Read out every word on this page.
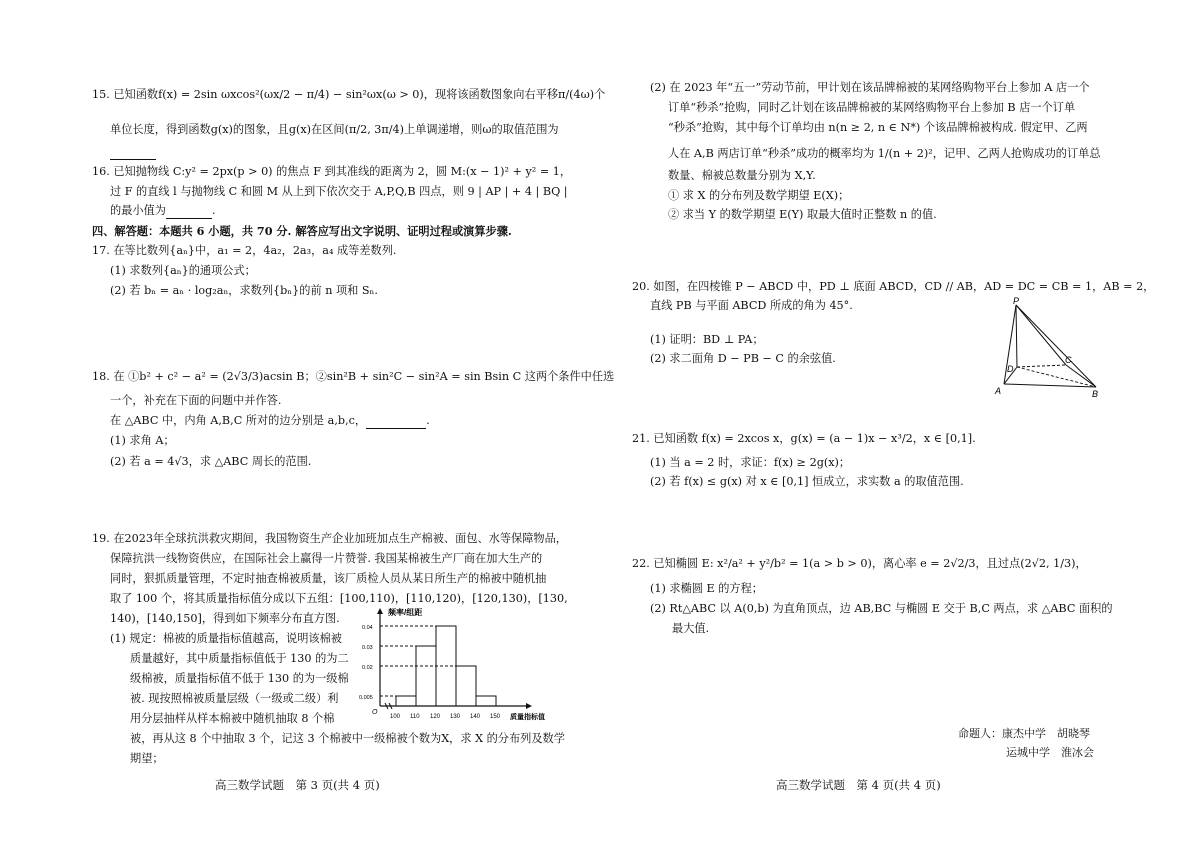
15. 已知函数f(x) = 2sin ωxcos²(ωx/2 − π/4) − sin²ωx(ω > 0)，现将该函数图象向右平移π/(4ω)个
单位长度，得到函数g(x)的图象，且g(x)在区间(π/2, 3π/4)上单调递增，则ω的取值范围为

16. 已知抛物线 C:y² = 2px(p > 0) 的焦点 F 到其准线的距离为 2，圆 M:(x − 1)² + y² = 1，
过 F 的直线 l 与抛物线 C 和圆 M 从上到下依次交于 A,P,Q,B 四点，则 9 | AP | + 4 | BQ |
的最小值为	.
四、解答题：本题共 6 小题，共 70 分. 解答应写出文字说明、证明过程或演算步骤.
17. 在等比数列{aₙ}中，a₁ = 2，4a₂，2a₃，a₄ 成等差数列.
(1) 求数列{aₙ}的通项公式；
(2) 若 bₙ = aₙ · log₂aₙ，求数列{bₙ}的前 n 项和 Sₙ.
18. 在 ①b² + c² − a² = (2√3/3)acsin B；②sin²B + sin²C − sin²A = sin Bsin C 这两个条件中任选
一个，补充在下面的问题中并作答.
在 △ABC 中，内角 A,B,C 所对的边分别是 a,b,c，	.
(1) 求角 A；
(2) 若 a = 4√3，求 △ABC 周长的范围.
19. 在2023年全球抗洪救灾期间，我国物资生产企业加班加点生产棉被、面包、水等保障物品，
保障抗洪一线物资供应，在国际社会上赢得一片赞誉. 我国某棉被生产厂商在加大生产的
同时，狠抓质量管理，不定时抽查棉被质量，该厂质检人员从某日所生产的棉被中随机抽
取了 100 个，将其质量指标值分成以下五组：[100,110)，[110,120)，[120,130)，[130,
140)，[140,150]，得到如下频率分布直方图.
(1) 规定：棉被的质量指标值越高，说明该棉被
质量越好，其中质量指标值低于 130 的为二
级棉被，质量指标值不低于 130 的为一级棉
被. 现按照棉被质量层级（一级或二级）利
用分层抽样从样本棉被中随机抽取 8 个棉
被，再从这 8 个中抽取 3 个，记这 3 个棉被中一级棉被个数为X，求 X 的分布列及数学
期望；
频率/组距
0.04
0.03
0.02
0.005
O
100 110 120 130 140 150 质量指标值
高三数学试题　第 3 页(共 4 页)
(2) 在 2023 年“五一”劳动节前，甲计划在该品牌棉被的某网络购物平台上参加 A 店一个
订单“秒杀”抢购，同时乙计划在该品牌棉被的某网络购物平台上参加 B 店一个订单
“秒杀”抢购，其中每个订单均由 n(n ≥ 2, n ∈ N*) 个该品牌棉被构成. 假定甲、乙两
人在 A,B 两店订单“秒杀”成功的概率均为 1/(n + 2)²，记甲、乙两人抢购成功的订单总
数量、棉被总数量分别为 X,Y.
① 求 X 的分布列及数学期望 E(X)；
② 求当 Y 的数学期望 E(Y) 取最大值时正整数 n 的值.
20. 如图，在四棱锥 P − ABCD 中，PD ⊥ 底面 ABCD，CD // AB，AD = DC = CB = 1，AB = 2，
直线 PB 与平面 ABCD 所成的角为 45°.
(1) 证明：BD ⊥ PA；
(2) 求二面角 D − PB − C 的余弦值.
P
A	B
C
D
21. 已知函数 f(x) = 2xcos x，g(x) = (a − 1)x − x³/2，x ∈ [0,1].
(1) 当 a = 2 时，求证：f(x) ≥ 2g(x)；
(2) 若 f(x) ≤ g(x) 对 x ∈ [0,1] 恒成立，求实数 a 的取值范围.
22. 已知椭圆 E: x²/a² + y²/b² = 1(a > b > 0)，离心率 e = 2√2/3，且过点(2√2, 1/3)，
(1) 求椭圆 E 的方程；
(2) Rt△ABC 以 A(0,b) 为直角顶点，边 AB,BC 与椭圆 E 交于 B,C 两点，求 △ABC 面积的
最大值.
命题人：康杰中学　胡晓琴
运城中学　淮冰会
高三数学试题　第 4 页(共 4 页)
